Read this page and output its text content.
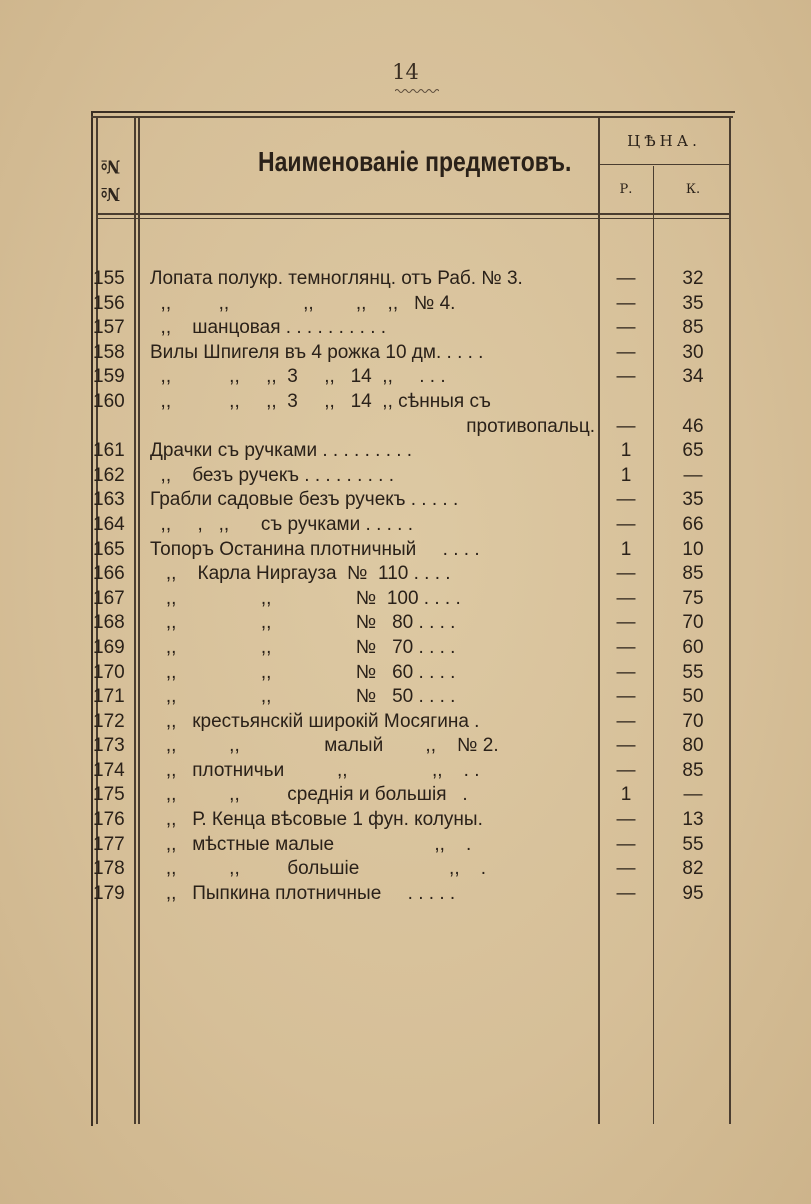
14
№ №	Наименованіе предметовъ.
ЦѢНА.
Р.	К.
155	Лопата полукр. темноглянц. отъ Раб. № 3.	—	32
156	,,         ,,              ,,        ,,    ,,   № 4.	—	35
157	,,    шанцовая . . . . . . . . . .	—	85
158	Вилы Шпигеля въ 4 рожка 10 дм. . . . .	—	30
159	,,           ,,     ,,  3     ,,   14  ,,     . . .	—	34
160	,,           ,,     ,,  3     ,,   14  ,, сѣнныя съ
противопальц.	—	46
161	Драчки съ ручками . . . . . . . . .	1	65
162	,,    безъ ручекъ . . . . . . . . .	1	—
163	Грабли садовые безъ ручекъ . . . . .	—	35
164	,,     ,   ,,      съ ручками . . . . .	—	66
165	Топоръ Останина плотничный     . . . .	1	10
166	,,    Карла Ниргауза  №  110 . . . .	—	85
167	,,                ,,                №  100 . . . .	—	75
168	,,                ,,                №   80 . . . .	—	70
169	,,                ,,                №   70 . . . .	—	60
170	,,                ,,                №   60 . . . .	—	55
171	,,                ,,                №   50 . . . .	—	50
172	,,   крестьянскій широкій Мосягина .	—	70
173	,,          ,,                малый        ,,    № 2.	—	80
174	,,   плотничьи          ,,                ,,    . .	—	85
175	,,          ,,         среднія и большія   .	1	—
176	,,   Р. Кенца вѣсовые 1 фун. колуны.	—	13
177	,,   мѣстные малые                   ,,    .	—	55
178	,,          ,,         большіе                 ,,    .	—	82
179	,,   Пыпкина плотничные     . . . . .	—	95
